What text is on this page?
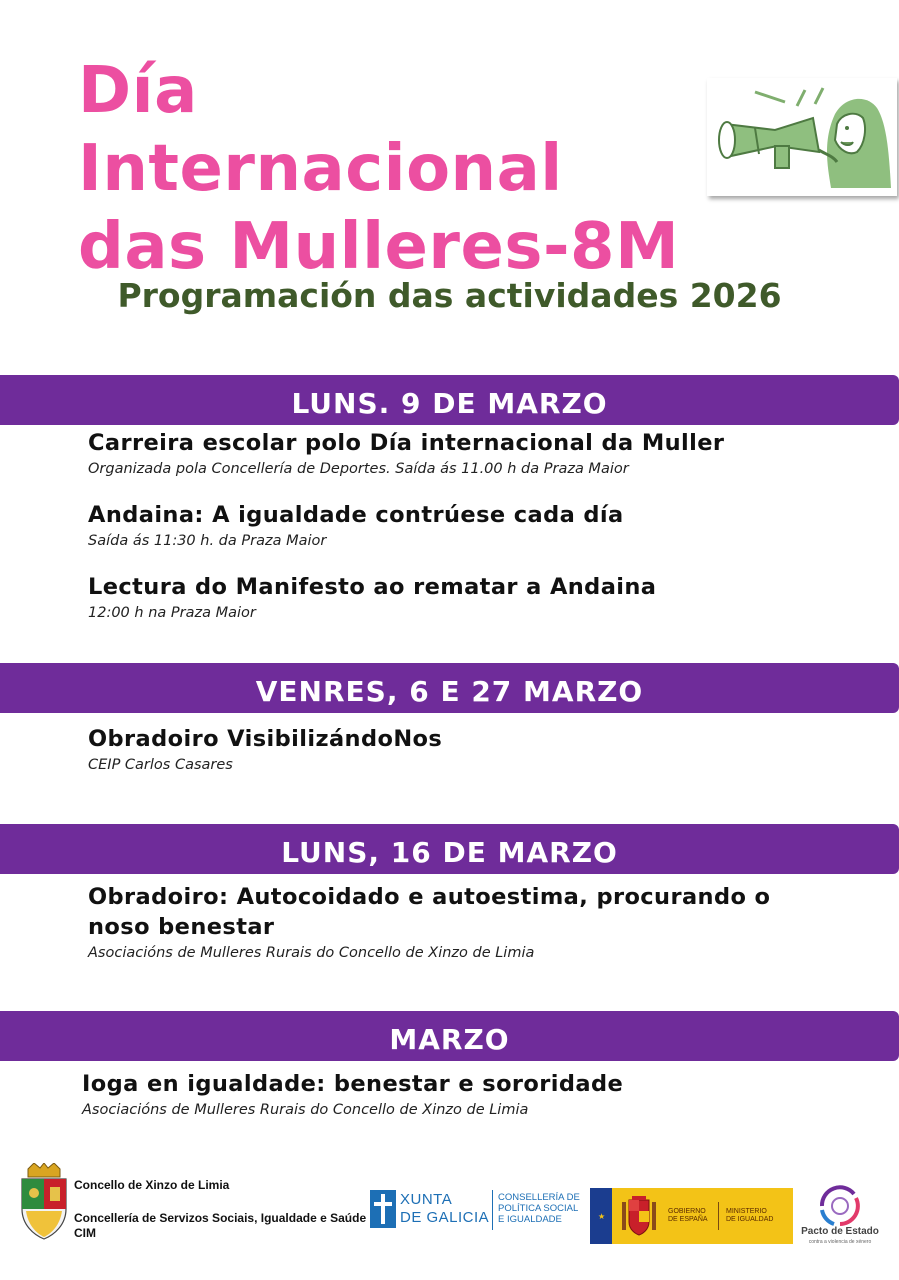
Día Internacional
das Mulleres-8M
Programación das actividades 2026
LUNS. 9 DE MARZO
Carreira escolar polo Día internacional da Muller
Organizada pola Concellería de Deportes. Saída ás 11.00 h da Praza Maior
Andaina: A igualdade contrúese cada día
Saída ás 11:30 h. da Praza Maior
Lectura do Manifesto ao rematar a Andaina
12:00 h na Praza Maior
VENRES, 6 E 27 MARZO
Obradoiro VisibilizándoNos
CEIP Carlos Casares
LUNS, 16 DE MARZO
Obradoiro: Autocoidado e autoestima, procurando o
noso benestar
Asociacións de Mulleres Rurais do Concello de Xinzo de Limia
MARZO
Ioga en igualdade: benestar e sororidade
Asociacións de Mulleres Rurais do Concello de Xinzo de Limia
Concello de Xinzo de Limia
Concellería de Servizos Sociais, Igualdade e Saúde
CIM
XUNTA
DE GALICIA
CONSELLERÍA DE
POLÍTICA SOCIAL
E IGUALDADE	★
GOBIERNO
DE ESPAÑA
MINISTERIO
DE IGUALDAD
Pacto de Estado
contra a violencia de xénero
